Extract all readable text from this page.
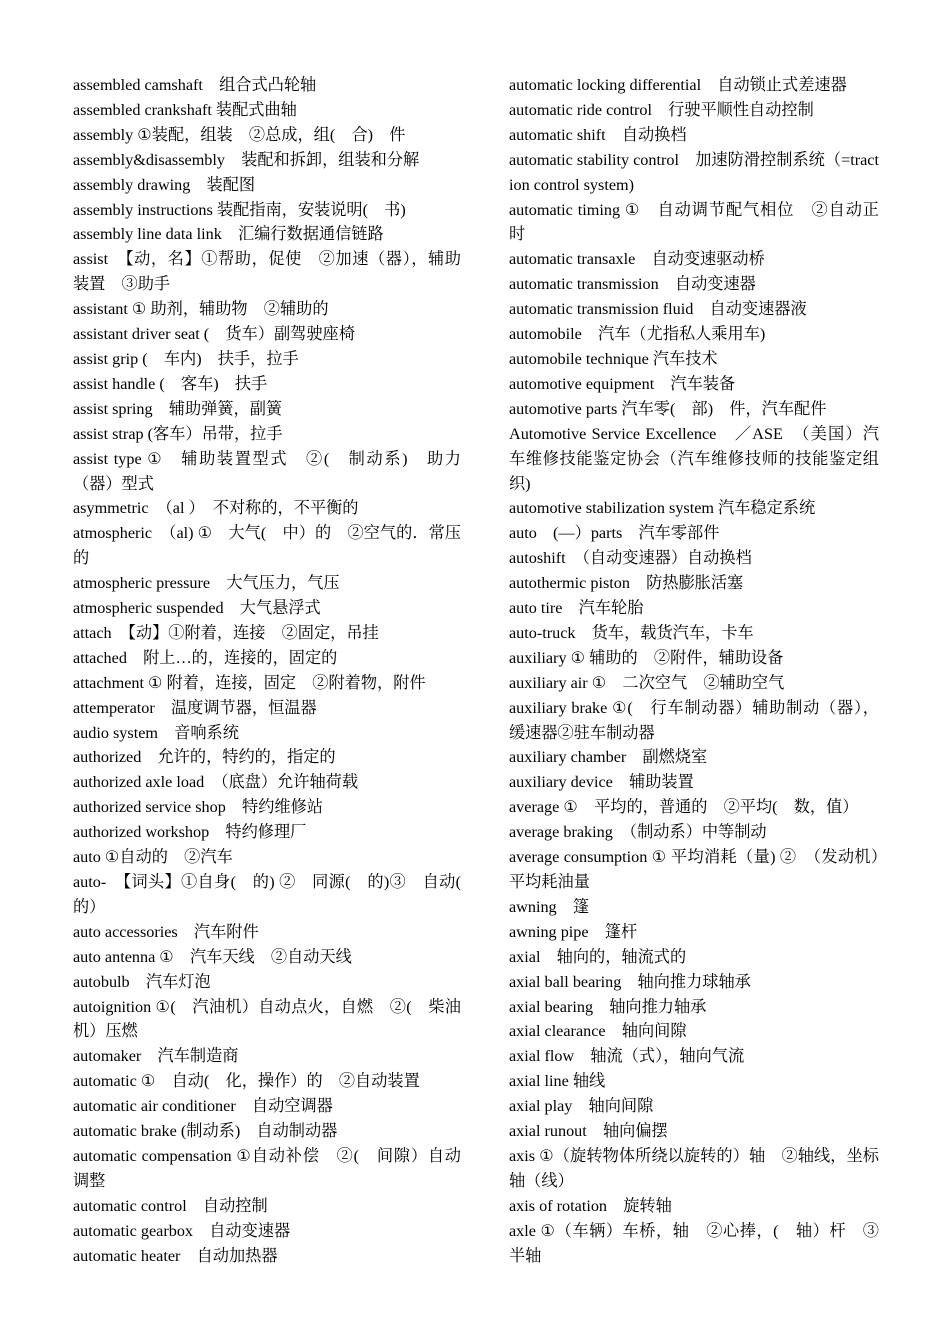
assembled camshaft　组合式凸轮轴
assembled crankshaft 装配式曲轴
assembly ①装配，组装　②总成，组(　合)　件
assembly&disassembly　装配和拆卸，组装和分解
assembly drawing　装配图
assembly instructions 装配指南，安装说明(　书)
assembly line data link　汇编行数据通信链路
assist　【动，名】①帮助，促使　②加速（器），辅助装置　③助手
assistant ① 助剂，辅助物　②辅助的
assistant driver seat (　货车）副驾驶座椅
assist grip (　车内)　扶手，拉手
assist handle (　客车)　扶手
assist spring　辅助弹簧，副簧
assist strap (客车）吊带，拉手
assist type ①　辅助装置型式　②(　制动系)　助力（器）型式
asymmetric　（al ）　不对称的，不平衡的
atmospheric　（al) ①　大气(　中）的　②空气的．常压的
atmospheric pressure　大气压力，气压
atmospheric suspended　大气悬浮式
attach　【动】①附着，连接　②固定，吊挂
attached　附上…的，连接的，固定的
attachment ① 附着，连接，固定　②附着物，附件
attemperator　温度调节器，恒温器
audio system　音响系统
authorized　允许的，特约的，指定的
authorized axle load　（底盘）允许轴荷载
authorized service shop　特约维修站
authorized workshop　特约修理厂
auto ①自动的　②汽车
auto-　【词头】①自身(　的) ②　同源(　的)③　自动(　的）
auto accessories　汽车附件
auto antenna ①　汽车天线　②自动天线
autobulb　汽车灯泡
autoignition ①(　汽油机）自动点火，自燃　②(　柴油机）压燃
automaker　汽车制造商
automatic ①　自动(　化，操作）的　②自动装置
automatic air conditioner　自动空调器
automatic brake (制动系)　自动制动器
automatic compensation ①自动补偿　②(　间隙）自动调整
automatic control　自动控制
automatic gearbox　自动变速器
automatic heater　自动加热器
automatic locking differential　自动锁止式差速器
automatic ride control　行驶平顺性自动控制
automatic shift　自动换档
automatic stability control　加速防滑控制系统（=traction control system)
automatic timing ①　自动调节配气相位　②自动正时
automatic transaxle　自动变速驱动桥
automatic transmission　自动变速器
automatic transmission fluid　自动变速器液
automobile　汽车（尤指私人乘用车)
automobile technique 汽车技术
automotive equipment　汽车装备
automotive parts 汽车零(　部)　件，汽车配件
Automotive Service Excellence　／ASE　（美国）汽车维修技能鉴定协会（汽车维修技师的技能鉴定组织)
automotive stabilization system 汽车稳定系统
auto　(—）parts　汽车零部件
autoshift　（自动变速器）自动换档
autothermic piston　防热膨胀活塞
auto tire　汽车轮胎
auto-truck　货车，载货汽车，卡车
auxiliary ① 辅助的　②附件，辅助设备
auxiliary air ①　二次空气　②辅助空气
auxiliary brake ①(　行车制动器）辅助制动（器），缓速器②驻车制动器
auxiliary chamber　副燃烧室
auxiliary device　辅助装置
average ①　平均的，普通的　②平均(　数，值）
average braking　（制动系）中等制动
average consumption ① 平均消耗（量) ②　（发动机）平均耗油量
awning　篷
awning pipe　篷杆
axial　轴向的，轴流式的
axial ball bearing　轴向推力球轴承
axial bearing　轴向推力轴承
axial clearance　轴向间隙
axial flow　轴流（式），轴向气流
axial line 轴线
axial play　轴向间隙
axial runout　轴向偏摆
axis ①（旋转物体所绕以旋转的）轴　②轴线，坐标轴（线）
axis of rotation　旋转轴
axle ①（车辆）车桥，轴　②心捧，(　轴）杆　③半轴
